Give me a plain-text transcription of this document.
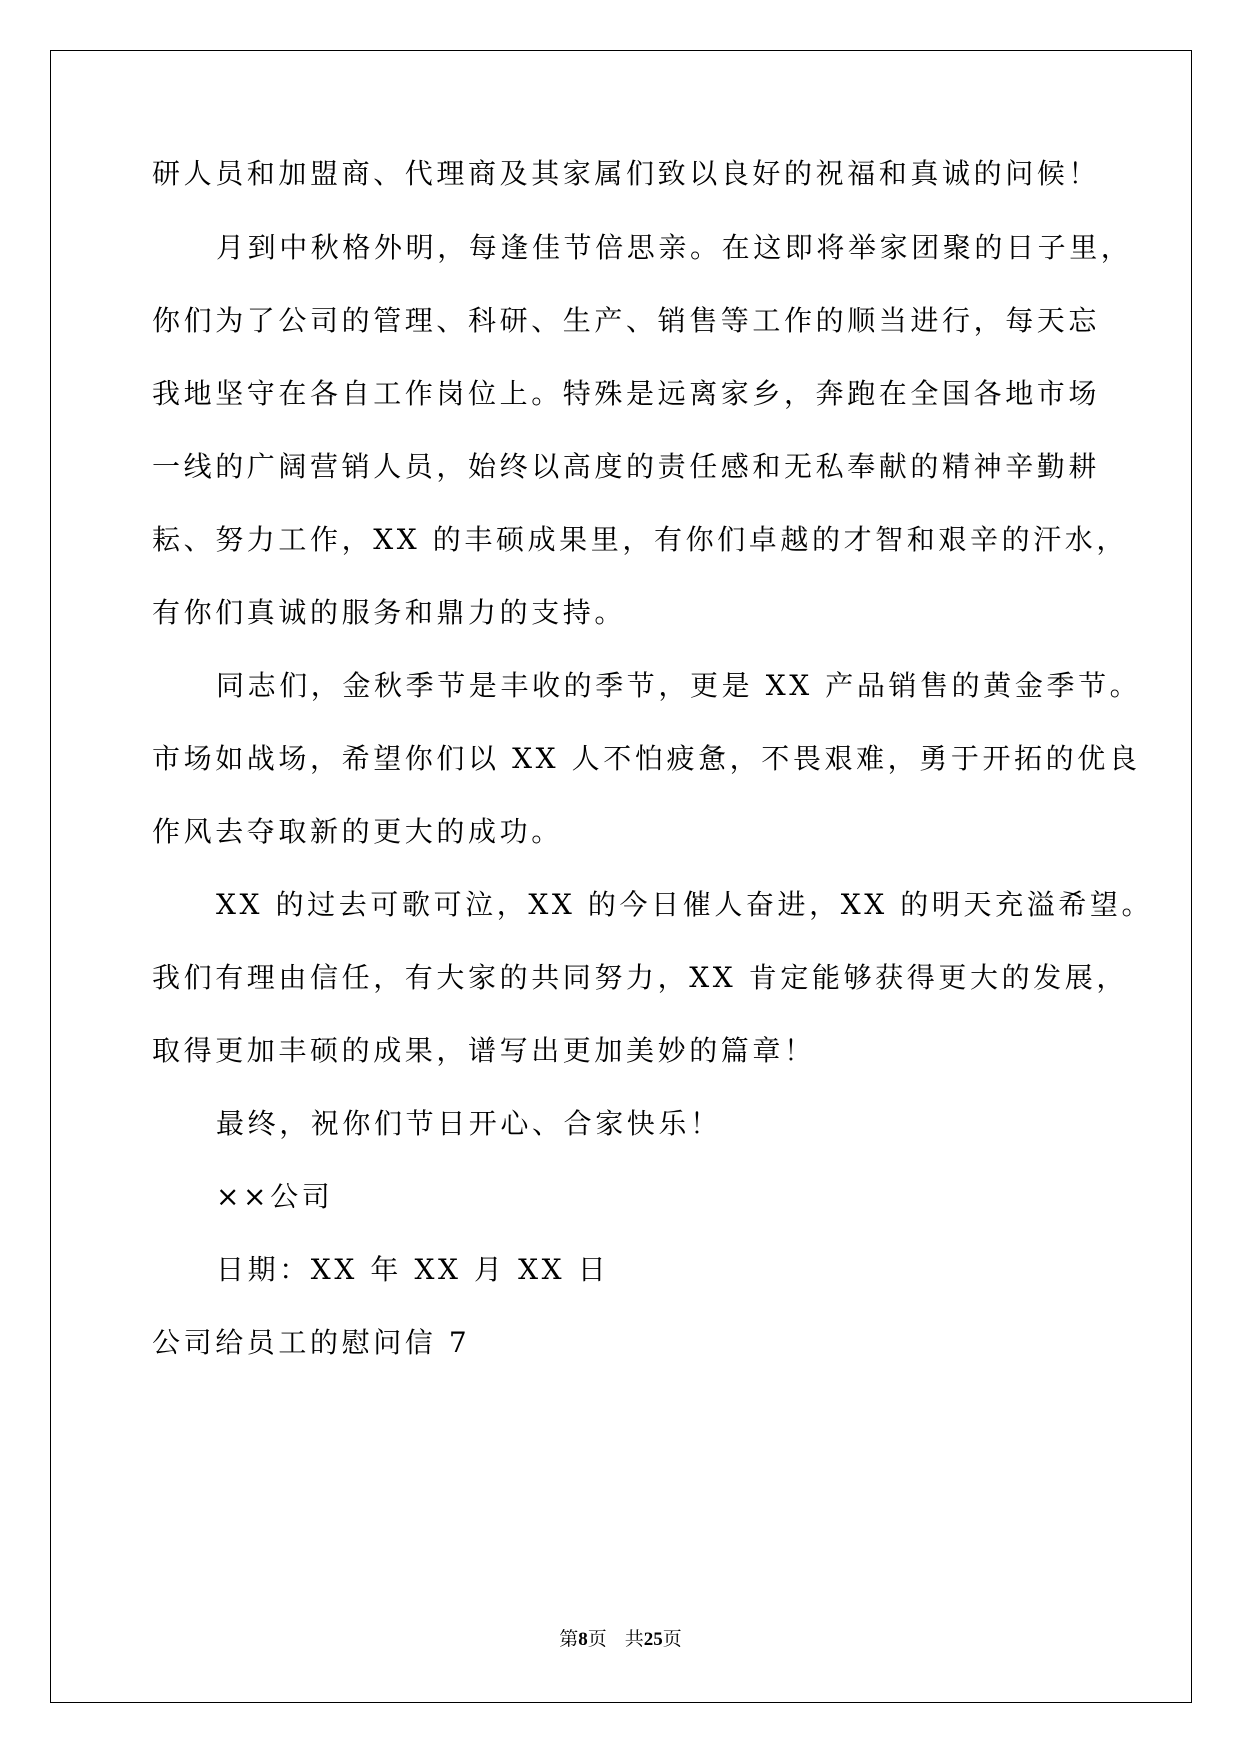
研人员和加盟商、代理商及其家属们致以良好的祝福和真诚的问候！

月到中秋格外明，每逢佳节倍思亲。在这即将举家团聚的日子里，

你们为了公司的管理、科研、生产、销售等工作的顺当进行，每天忘

我地坚守在各自工作岗位上。特殊是远离家乡，奔跑在全国各地市场

一线的广阔营销人员，始终以高度的责任感和无私奉献的精神辛勤耕

耘、努力工作，XX 的丰硕成果里，有你们卓越的才智和艰辛的汗水，

有你们真诚的服务和鼎力的支持。

同志们，金秋季节是丰收的季节，更是 XX 产品销售的黄金季节。

市场如战场，希望你们以 XX 人不怕疲惫，不畏艰难，勇于开拓的优良

作风去夺取新的更大的成功。

XX 的过去可歌可泣，XX 的今日催人奋进，XX 的明天充溢希望。

我们有理由信任，有大家的共同努力，XX 肯定能够获得更大的发展，

取得更加丰硕的成果，谱写出更加美妙的篇章！

最终，祝你们节日开心、合家快乐！

××公司

日期：XX 年 XX 月 XX 日

公司给员工的慰问信 7

第8页 共25页
